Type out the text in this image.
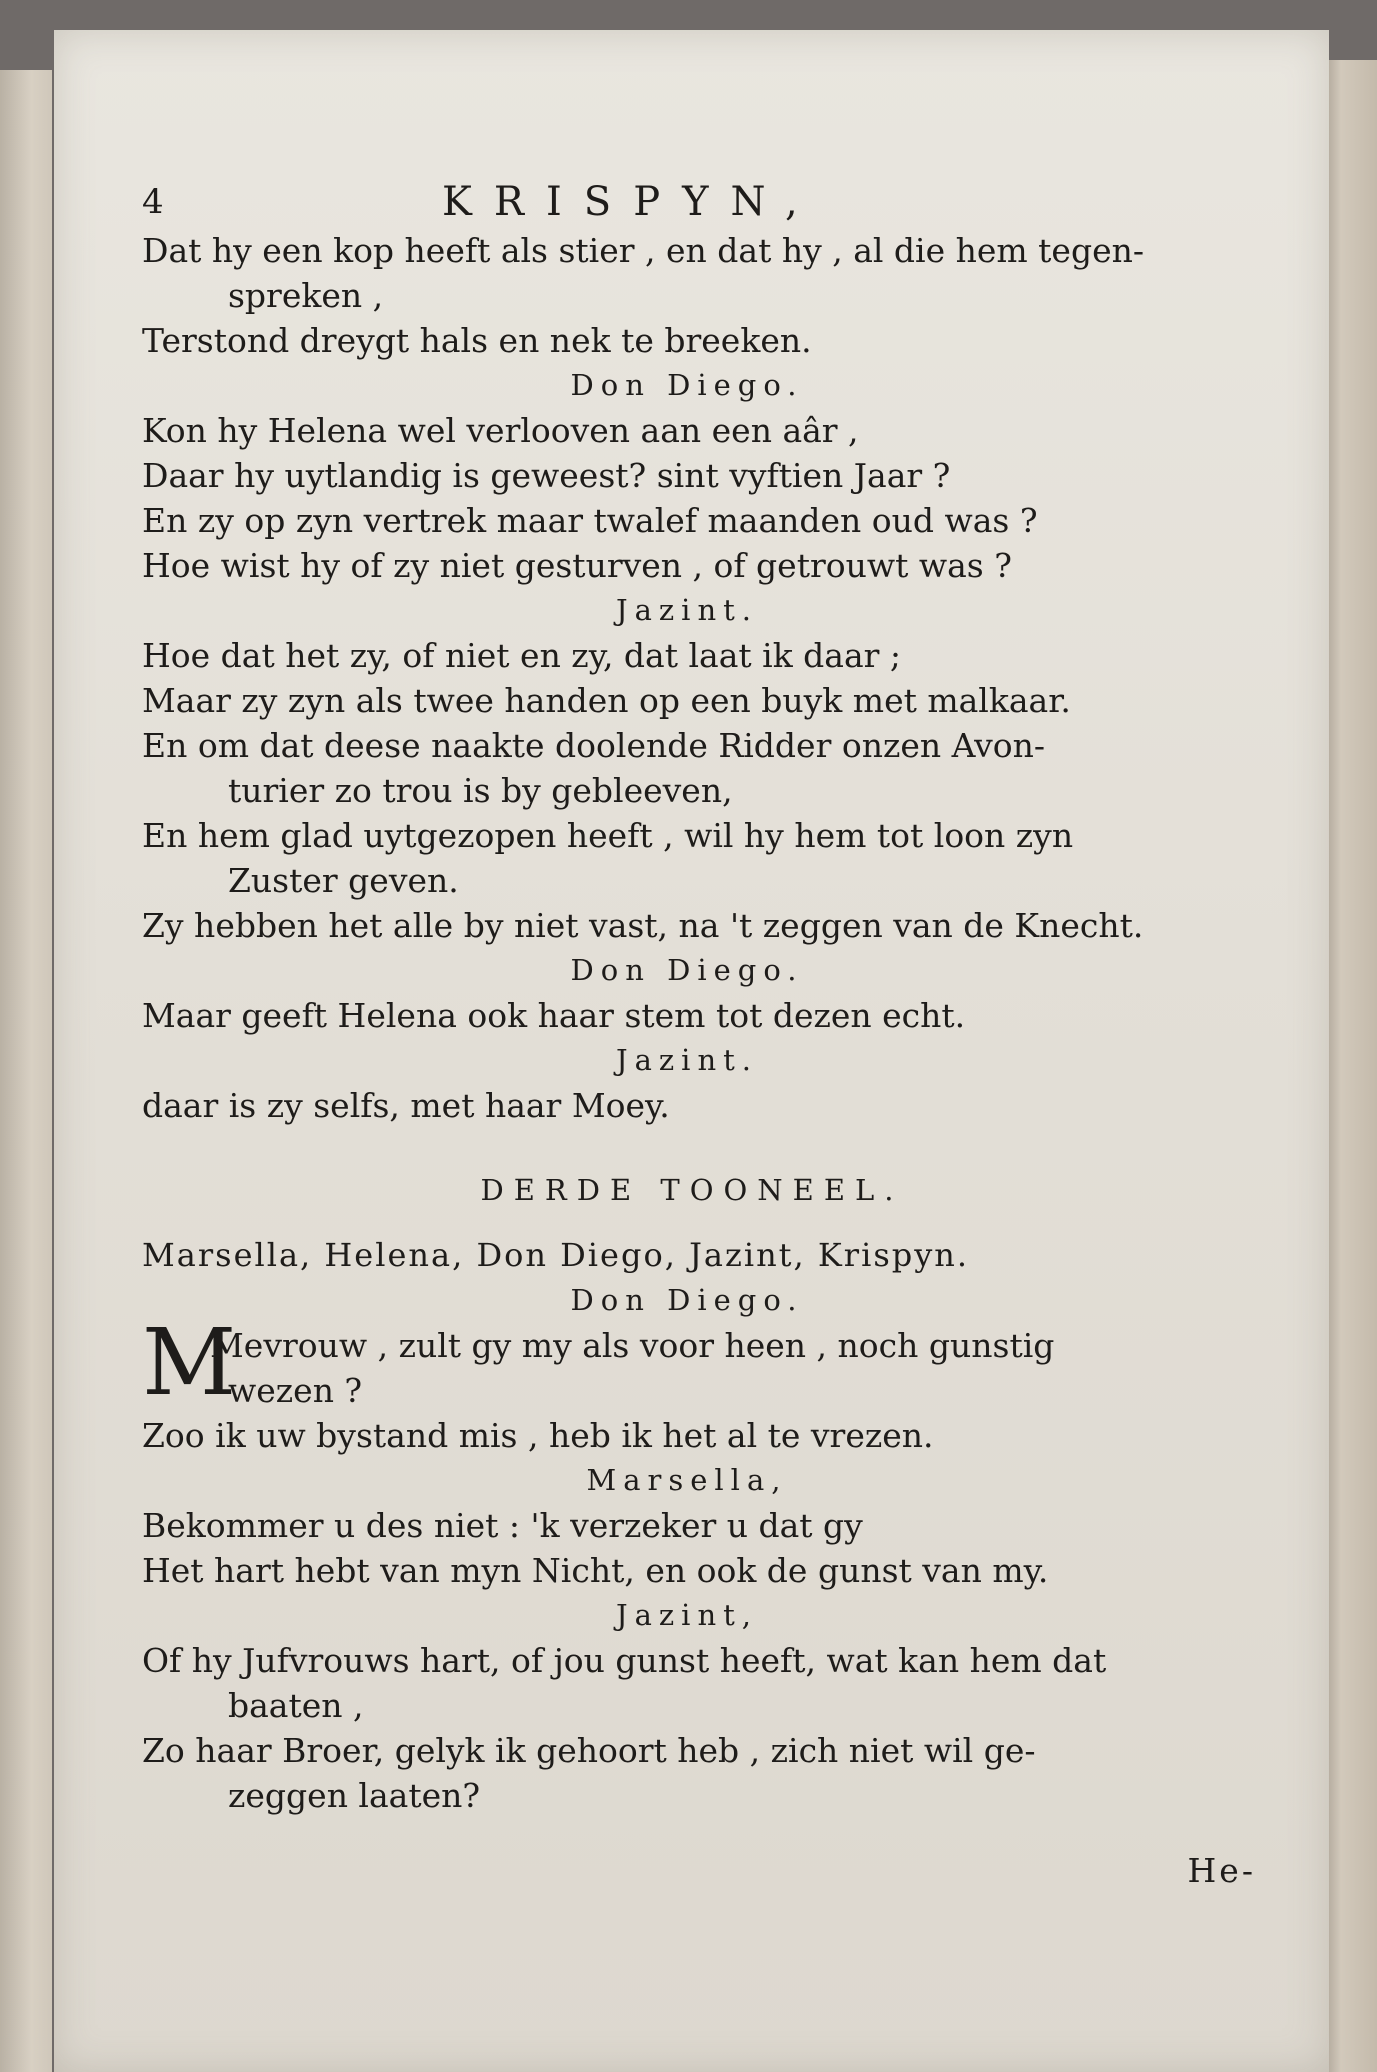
4	KRISPYN,
Dat hy een kop heeft als stier , en dat hy , al die hem tegen-
spreken ,
Terstond dreygt hals en nek te breeken.
Don Diego.
Kon hy Helena wel verlooven aan een aâr ,
Daar hy uytlandig is geweest? sint vyftien Jaar ?
En zy op zyn vertrek maar twalef maanden oud was ?
Hoe wist hy of zy niet gesturven , of getrouwt was ?
Jazint.
Hoe dat het zy, of niet en zy, dat laat ik daar ;
Maar zy zyn als twee handen op een buyk met malkaar.
En om dat deese naakte doolende Ridder onzen Avon-
turier zo trou is by gebleeven,
En hem glad uytgezopen heeft , wil hy hem tot loon zyn
Zuster geven.
Zy hebben het alle by niet vast, na 't zeggen van de Knecht.
Don Diego.
Maar geeft Helena ook haar stem tot dezen echt.
Jazint.
daar is zy selfs, met haar Moey.
DERDE TOONEEL.
Marsella, Helena, Don Diego, Jazint, Krispyn.
Don Diego.
M
Mevrouw , zult gy my als voor heen , noch gunstig
wezen ?
Zoo ik uw bystand mis , heb ik het al te vrezen.
Marsella,
Bekommer u des niet : 'k verzeker u dat gy
Het hart hebt van myn Nicht, en ook de gunst van my.
Jazint,
Of hy Jufvrouws hart, of jou gunst heeft, wat kan hem dat
baaten ,
Zo haar Broer, gelyk ik gehoort heb , zich niet wil ge-
zeggen laaten?
He-
